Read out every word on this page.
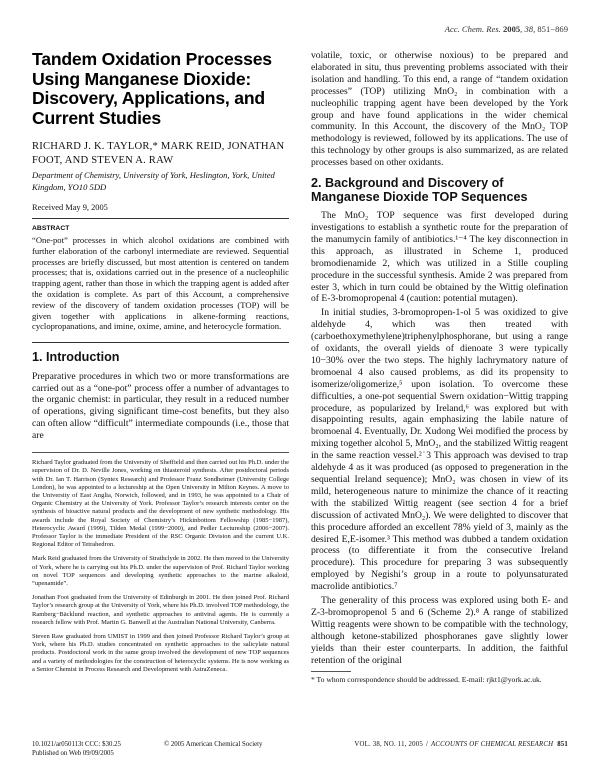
Acc. Chem. Res. 2005, 38, 851−869
Tandem Oxidation Processes Using Manganese Dioxide: Discovery, Applications, and Current Studies

RICHARD J. K. TAYLOR,* MARK REID, JONATHAN FOOT, AND STEVEN A. RAW

Department of Chemistry, University of York, Heslington, York, United Kingdom, YO10 5DD

Received May 9, 2005

ABSTRACT

“One-pot” processes in which alcohol oxidations are combined with further elaboration of the carbonyl intermediate are reviewed. Sequential processes are briefly discussed, but most attention is centered on tandem processes; that is, oxidations carried out in the presence of a nucleophilic trapping agent, rather than those in which the trapping agent is added after the oxidation is complete. As part of this Account, a comprehensive review of the discovery of tandem oxidation processes (TOP) will be given together with applications in alkene-forming reactions, cyclopropanations, and imine, oxime, amine, and heterocycle formation.

1. Introduction

Preparative procedures in which two or more transformations are carried out as a “one-pot” process offer a number of advantages to the organic chemist: in particular, they result in a reduced number of operations, giving significant time-cost benefits, but they also can often allow “difficult” intermediate compounds (i.e., those that are

Richard Taylor graduated from the University of Sheffield and then carried out his Ph.D. under the supervision of Dr. D. Neville Jones, working on thiasteroid synthesis. After postdoctoral periods with Dr. Ian T. Harrison (Syntex Research) and Professor Franz Sondheimer (University College London), he was appointed to a lectureship at the Open University in Milton Keynes. A move to the University of East Anglia, Norwich, followed, and in 1993, he was appointed to a Chair of Organic Chemistry at the University of York. Professor Taylor’s research interests center on the synthesis of bioactive natural products and the development of new synthetic methodology. His awards include the Royal Society of Chemistry’s Hickinbottom Fellowship (1985−1987), Heterocyclic Award (1999), Tilden Medal (1999−2000), and Pedler Lectureship (2006−2007). Professor Taylor is the immediate President of the RSC Organic Division and the current U.K. Regional Editor of Tetrahedron.

Mark Reid graduated from the University of Strathclyde in 2002. He then moved to the University of York, where he is carrying out his Ph.D. under the supervision of Prof. Richard Taylor working on novel TOP sequences and developing synthetic approaches to the marine alkaloid, “upenamide”.

Jonathan Foot graduated from the University of Edinburgh in 2001. He then joined Prof. Richard Taylor’s research group at the University of York, where his Ph.D. involved TOP methodology, the Ramberg−Bäcklund reaction, and synthetic approaches to antiviral agents. He is currently a research fellow with Prof. Martin G. Banwell at the Australian National University, Canberra.

Steven Raw graduated from UMIST in 1999 and then joined Professor Richard Taylor’s group at York, where his Ph.D. studies concentrated on synthetic approaches to the salicylate natural products. Postdoctoral work in the same group involved the development of new TOP sequences and a variety of methodologies for the construction of heterocyclic systems. He is now working as a Senior Chemist in Process Research and Development with AstraZeneca.

volatile, toxic, or otherwise noxious) to be prepared and elaborated in situ, thus preventing problems associated with their isolation and handling. To this end, a range of “tandem oxidation processes” (TOP) utilizing MnO₂ in combination with a nucleophilic trapping agent have been developed by the York group and have found applications in the wider chemical community. In this Account, the discovery of the MnO₂ TOP methodology is reviewed, followed by its applications. The use of this technology by other groups is also summarized, as are related processes based on other oxidants.

2. Background and Discovery of Manganese Dioxide TOP Sequences

The MnO₂ TOP sequence was first developed during investigations to establish a synthetic route for the preparation of the manumycin family of antibiotics.¹⁻⁴ The key disconnection in this approach, as illustrated in Scheme 1, produced bromodienamide 2, which was utilized in a Stille coupling procedure in the successful synthesis. Amide 2 was prepared from ester 3, which in turn could be obtained by the Wittig olefination of E-3-bromopropenal 4 (caution: potential mutagen).

In initial studies, 3-bromopropen-1-ol 5 was oxidized to give aldehyde 4, which was then treated with (carboethoxymethylene)triphenylphosphorane, but using a range of oxidants, the overall yields of dienoate 3 were typically 10−30% over the two steps. The highly lachrymatory nature of bromoenal 4 also caused problems, as did its propensity to isomerize/oligomerize,⁵ upon isolation. To overcome these difficulties, a one-pot sequential Swern oxidation−Wittig trapping procedure, as popularized by Ireland,⁶ was explored but with disappointing results, again emphasizing the labile nature of bromoenal 4. Eventually, Dr. Xudong Wei modified the process by mixing together alcohol 5, MnO₂, and the stabilized Wittig reagent in the same reaction vessel.²˙3 This approach was devised to trap aldehyde 4 as it was produced (as opposed to pregeneration in the sequential Ireland sequence); MnO₂ was chosen in view of its mild, heterogeneous nature to minimize the chance of it reacting with the stabilized Wittig reagent (see section 4 for a brief discussion of activated MnO₂). We were delighted to discover that this procedure afforded an excellent 78% yield of 3, mainly as the desired E,E-isomer.³ This method was dubbed a tandem oxidation process (to differentiate it from the consecutive Ireland procedure). This procedure for preparing 3 was subsequently employed by Negishi’s group in a route to polyunsaturated macrolide antibiotics.⁷

The generality of this process was explored using both E- and Z-3-bromopropenol 5 and 6 (Scheme 2).⁸ A range of stabilized Wittig reagents were shown to be compatible with the technology, although ketone-stabilized phosphoranes gave slightly lower yields than their ester counterparts. In addition, the faithful retention of the original

* To whom correspondence should be addressed. E-mail: rjkt1@york.ac.uk.

10.1021/ar050113t CCC: $30.25
Published on Web 09/09/2005
© 2005 American Chemical Society	VOL. 38, NO. 11, 2005 / ACCOUNTS OF CHEMICAL RESEARCH 851
